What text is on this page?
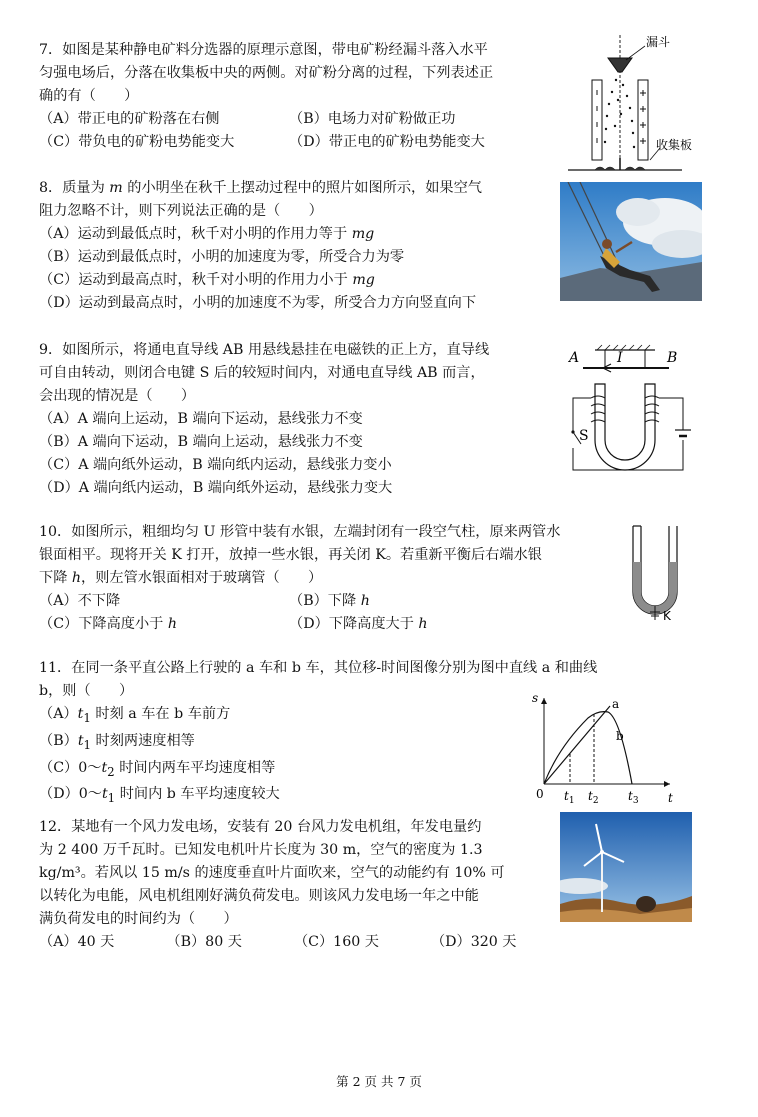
7．如图是某种静电矿料分选器的原理示意图，带电矿粉经漏斗落入水平
匀强电场后，分落在收集板中央的两侧。对矿粉分离的过程，下列表述正
确的有（　　）
（A）带正电的矿粉落在右侧	（B）电场力对矿粉做正功
（C）带负电的矿粉电势能变大	（D）带正电的矿粉电势能变大
漏斗
收集板
8．质量为 m 的小明坐在秋千上摆动过程中的照片如图所示，如果空气
阻力忽略不计，则下列说法正确的是（　　）
（A）运动到最低点时，秋千对小明的作用力等于 mg
（B）运动到最低点时，小明的加速度为零，所受合力为零
（C）运动到最高点时，秋千对小明的作用力小于 mg
（D）运动到最高点时，小明的加速度不为零，所受合力方向竖直向下
9．如图所示，将通电直导线 AB 用悬线悬挂在电磁铁的正上方，直导线
可自由转动，则闭合电键 S 后的较短时间内，对通电直导线 AB 而言，
会出现的情况是（　　）
（A）A 端向上运动，B 端向下运动，悬线张力不变
（B）A 端向下运动，B 端向上运动，悬线张力不变
（C）A 端向纸外运动，B 端向纸内运动，悬线张力变小
（D）A 端向纸内运动，B 端向纸外运动，悬线张力变大
A	I	B
S
10．如图所示，粗细均匀 U 形管中装有水银，左端封闭有一段空气柱，原来两管水
银面相平。现将开关 K 打开，放掉一些水银，再关闭 K。若重新平衡后右端水银
下降 h，则左管水银面相对于玻璃管（　　）
（A）不下降	（B）下降 h
（C）下降高度小于 h	（D）下降高度大于 h	K
11．在同一条平直公路上行驶的 a 车和 b 车，其位移-时间图像分别为图中直线 a 和曲线
b，则（　　）
$(A)t_1$ 时刻 a 车在 b 车前方
$(B)t_1$ 时刻两速度相等
$(C)0\sim t_2$ 时间内两车平均速度相等
$(D)0\sim t_1$ 时间内 b 车平均速度较大
s
t
0
a
b
$t_1$ $t_2$ $t_3$
12．某地有一个风力发电场，安装有 20 台风力发电机组，年发电量约
为 2 400 万千瓦时。已知发电机叶片长度为 30 m，空气的密度为 1.3
kg/m³。若风以 15 m/s 的速度垂直叶片面吹来，空气的动能约有 10% 可
以转化为电能，风电机组刚好满负荷发电。则该风力发电场一年之中能
满负荷发电的时间约为（　　）
（A）40 天	（B）80 天	（C）160 天	（D）320 天
第 2 页 共 7 页
